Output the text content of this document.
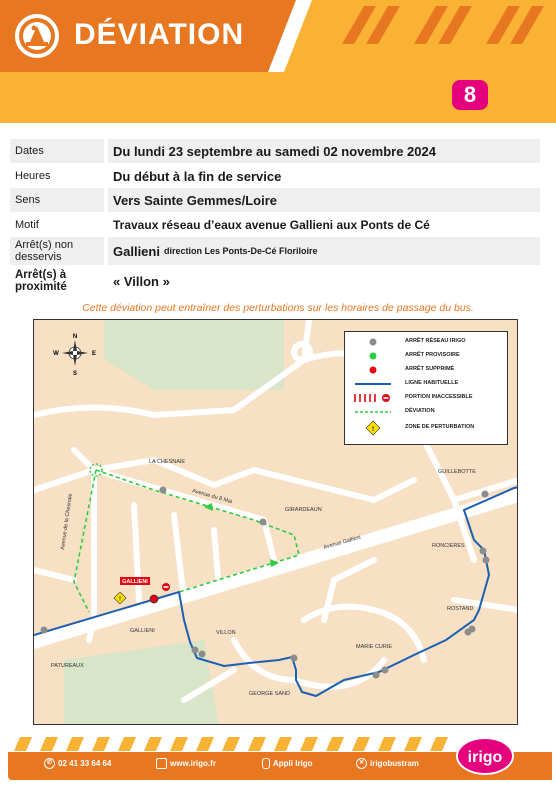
DÉVIATION
8
Dates	Du lundi 23 septembre au samedi 02 novembre 2024
Heures	Du début à la fin de service
Sens	Vers Sainte Gemmes/Loire
Motif	Travaux réseau d’eaux avenue Gallieni aux Ponts de Cé
Arrêt(s) non desservis	Gallieni direction Les Ponts-De-Cé Floriloire
Arrêt(s) à proximité	« Villon »
Cette déviation peut entraîner des perturbations sur les horaires de passage du bus.
!
GALLIENI
N
S
W	E
LA CHESNAIE
Avenue du 8 Mai
GIRARDEAUN
Avenue Gallieni
Avenue de la Chesnaie
GUILLEBOTTE
RONCIERES
ROSTAND
MARIE CURIE
VILLON
GEORGE SAND
PATUREAUX
GALLIENI
ARRÊT RÉSEAU IRIGO
ARRÊT PROVISOIRE
ARRÊT SUPPRIMÉ
LIGNE HABITUELLE
PORTION INACCESSIBLE
DÉVIATION
!	ZONE DE PERTURBATION
✆ 02 41 33 64 64	www.irigo.fr	Appli Irigo	✕ irigobustram	irigo
